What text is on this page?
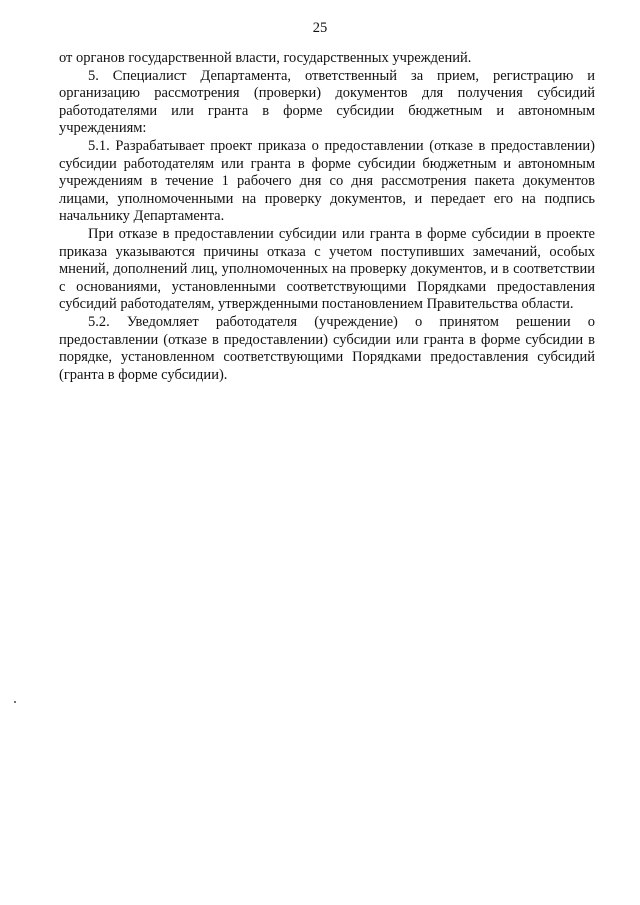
25

от органов государственной власти, государственных учреждений.

5. Специалист Департамента, ответственный за прием, регистрацию и организацию рассмотрения (проверки) документов для получения субсидий работодателями или гранта в форме субсидии бюджетным и автономным учреждениям:

5.1. Разрабатывает проект приказа о предоставлении (отказе в предоставлении) субсидии работодателям или гранта в форме субсидии бюджетным и автономным учреждениям в течение 1 рабочего дня со дня рассмотрения пакета документов лицами, уполномоченными на проверку документов, и передает его на подпись начальнику Департамента.

При отказе в предоставлении субсидии или гранта в форме субсидии в проекте приказа указываются причины отказа с учетом поступивших замечаний, особых мнений, дополнений лиц, уполномоченных на проверку документов, и в соответствии с основаниями, установленными соответствующими Порядками предоставления субсидий работодателям, утвержденными постановлением Правительства области.

5.2. Уведомляет работодателя (учреждение) о принятом решении о предоставлении (отказе в предоставлении) субсидии или гранта в форме субсидии в порядке, установленном соответствующими Порядками предоставления субсидий (гранта в форме субсидии).
